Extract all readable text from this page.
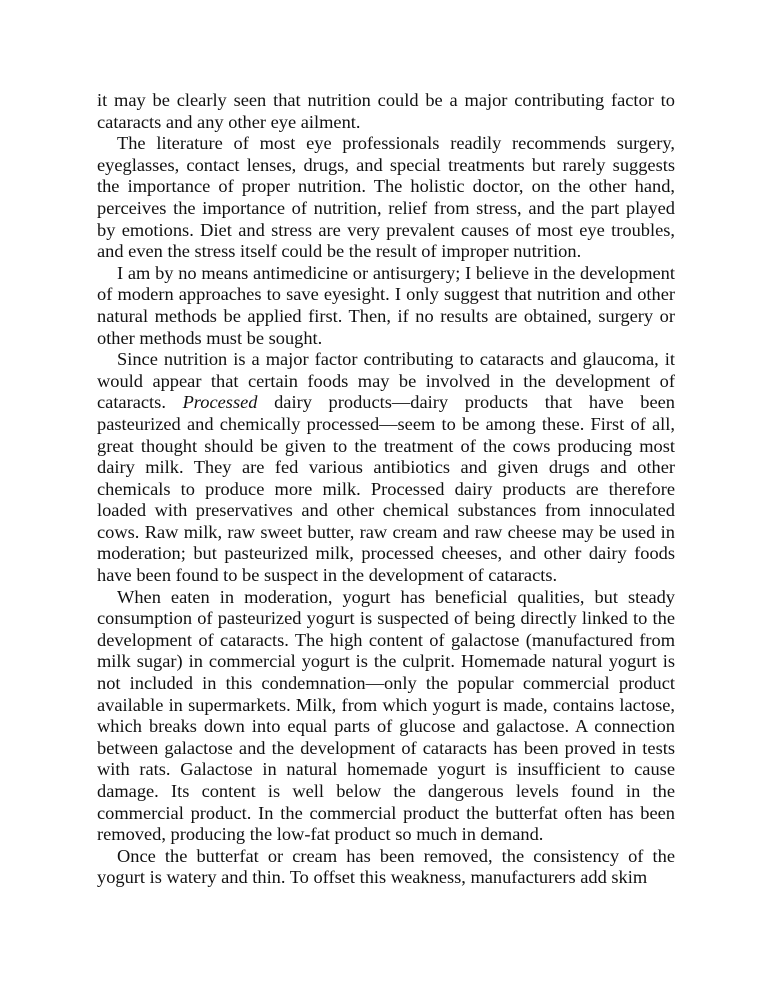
it may be clearly seen that nutrition could be a major contributing factor to cataracts and any other eye ailment.

The literature of most eye professionals readily recommends surgery, eyeglasses, contact lenses, drugs, and special treatments but rarely suggests the importance of proper nutrition. The holistic doctor, on the other hand, perceives the importance of nutrition, relief from stress, and the part played by emotions. Diet and stress are very prevalent causes of most eye troubles, and even the stress itself could be the result of improper nutrition.

I am by no means antimedicine or antisurgery; I believe in the development of modern approaches to save eyesight. I only suggest that nutrition and other natural methods be applied first. Then, if no results are obtained, surgery or other methods must be sought.

Since nutrition is a major factor contributing to cataracts and glaucoma, it would appear that certain foods may be involved in the development of cataracts. Processed dairy products—dairy products that have been pasteurized and chemically processed—seem to be among these. First of all, great thought should be given to the treatment of the cows producing most dairy milk. They are fed various antibiotics and given drugs and other chemicals to produce more milk. Processed dairy products are therefore loaded with preservatives and other chemical substances from innoculated cows. Raw milk, raw sweet butter, raw cream and raw cheese may be used in moderation; but pasteurized milk, processed cheeses, and other dairy foods have been found to be suspect in the development of cataracts.

When eaten in moderation, yogurt has beneficial qualities, but steady consumption of pasteurized yogurt is suspected of being directly linked to the development of cataracts. The high content of galactose (manufactured from milk sugar) in commercial yogurt is the culprit. Homemade natural yogurt is not included in this condemnation—only the popular commercial product available in supermarkets. Milk, from which yogurt is made, contains lactose, which breaks down into equal parts of glucose and galactose. A connection between galactose and the development of cataracts has been proved in tests with rats. Galactose in natural homemade yogurt is insufficient to cause damage. Its content is well below the dangerous levels found in the commercial product. In the commercial product the butterfat often has been removed, producing the low-fat product so much in demand.

Once the butterfat or cream has been removed, the consistency of the yogurt is watery and thin. To offset this weakness, manufacturers add skim
